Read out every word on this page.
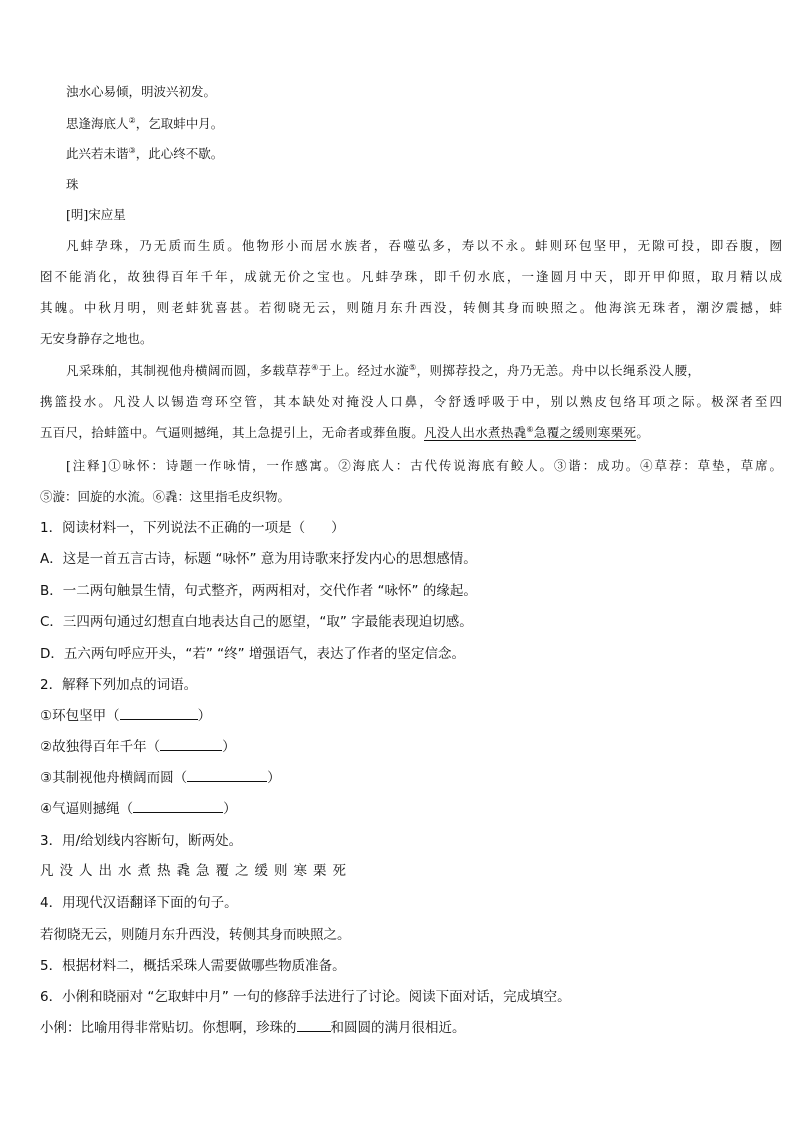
浊水心易倾，明波兴初发。
思逢海底人②，乞取蚌中月。
此兴若未谐③，此心终不歇。
珠
[明]宋应星
凡蚌孕珠，乃无质而生质。他物形小而居水族者，吞噬弘多，寿以不永。蚌则环包坚甲，无隙可投，即吞腹，囫
囵不能消化，故独得百年千年，成就无价之宝也。凡蚌孕珠，即千仞水底，一逢圆月中天，即开甲仰照，取月精以成
其魄。中秋月明，则老蚌犹喜甚。若彻晓无云，则随月东升西没，转侧其身而映照之。他海滨无珠者，潮汐震撼，蚌
无安身静存之地也。
凡采珠舶，其制视他舟横阔而圆，多载草荐④于上。经过水漩⑤，则掷荐投之，舟乃无恙。舟中以长绳系没人腰，
携篮投水。凡没人以锡造弯环空管，其本缺处对掩没人口鼻，令舒透呼吸于中，别以熟皮包络耳项之际。极深者至四
五百尺，拾蚌篮中。气逼则撼绳，其上急提引上，无命者或葬鱼腹。凡没人出水煮热毳⑥急覆之缓则寒栗死。
[注释]①咏怀：诗题一作咏情，一作感寓。②海底人：古代传说海底有鲛人。③谐：成功。④草荐：草垫，草席。
⑤漩：回旋的水流。⑥毳：这里指毛皮织物。
1．阅读材料一，下列说法不正确的一项是（ ）
A．这是一首五言古诗，标题 “咏怀” 意为用诗歌来抒发内心的思想感情。
B．一二两句触景生情，句式整齐，两两相对，交代作者 “咏怀” 的缘起。
C．三四两句通过幻想直白地表达自己的愿望，“取” 字最能表现迫切感。
D．五六两句呼应开头，“若” “终” 增强语气，表达了作者的坚定信念。
2．解释下列加点的词语。
①环包坚甲（	）
②故独得百年千年（	）
③其制视他舟横阔而圆（	）
④气逼则撼绳（	）
3．用/给划线内容断句，断两处。
凡没人出水煮热毳急覆之缓则寒栗死
4．用现代汉语翻译下面的句子。
若彻晓无云，则随月东升西没，转侧其身而映照之。
5．根据材料二，概括采珠人需要做哪些物质准备。
6．小俐和晓丽对 “乞取蚌中月” 一句的修辞手法进行了讨论。阅读下面对话，完成填空。
小俐：比喻用得非常贴切。你想啊，珍珠的	和圆圆的满月很相近。
